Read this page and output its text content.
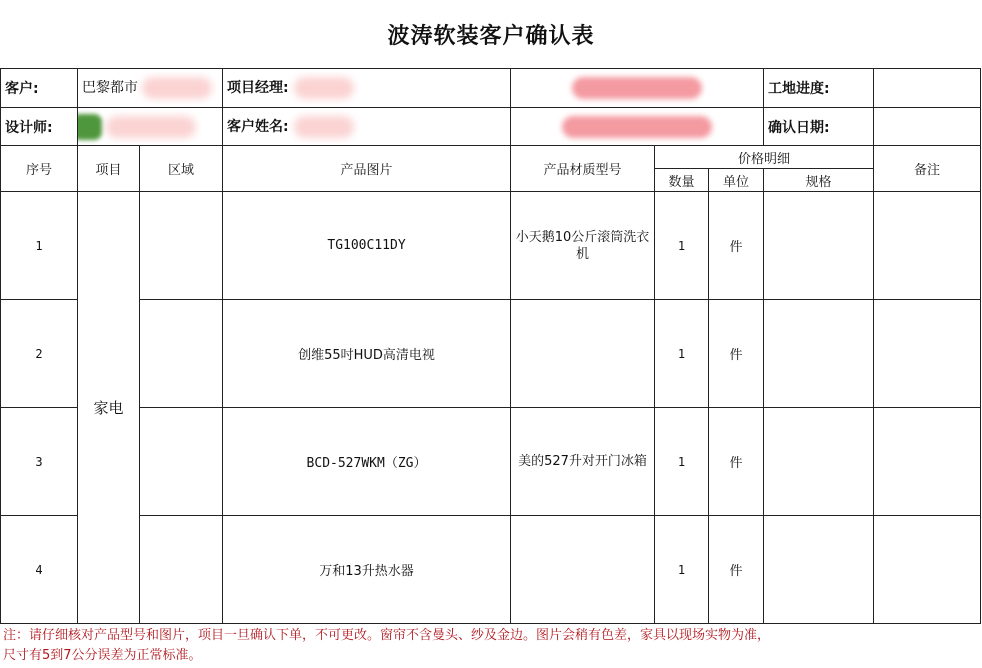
波涛软装客户确认表
客户:	巴黎都市		项目经理:				工地进度:	
设计师:			客户姓名:				确认日期:	
序号	项目	区域	产品图片	产品材质型号	价格明细			备注
					数量	单位	规格	
1	家电		TG100C11DY	小天鹅10公斤滚筒洗衣机	1	件		
2			创维55吋HUD高清电视		1	件		
3			BCD-527WKM（ZG）	美的527升对开门冰箱	1	件		
4			万和13升热水器		1	件		
注：请仔细核对产品型号和图片，项目一旦确认下单，不可更改。窗帘不含曼头、纱及金边。图片会稍有色差，家具以现场实物为准，
尺寸有5到7公分误差为正常标准。
